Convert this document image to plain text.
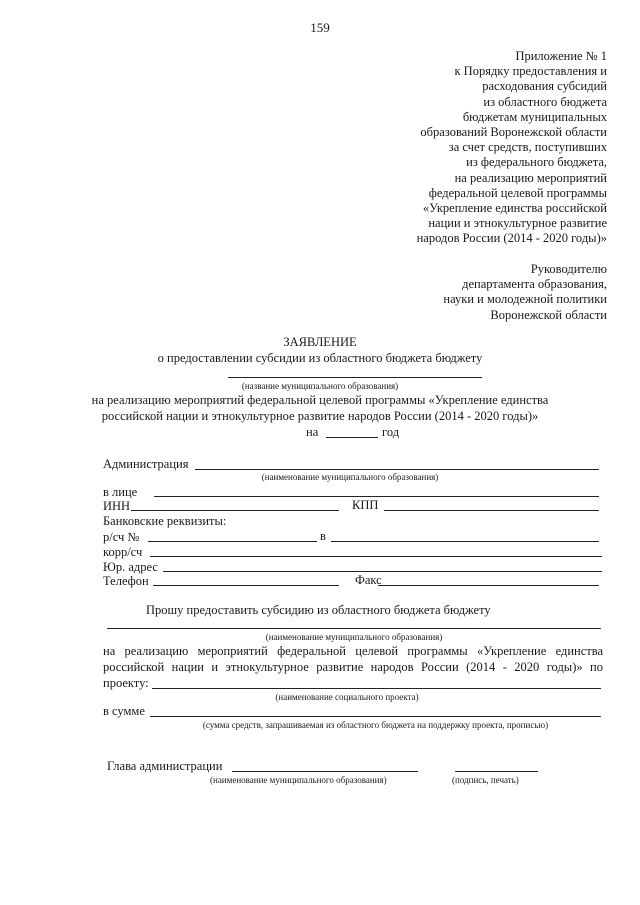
159
Приложение № 1
к Порядку предоставления и
расходования субсидий
из областного бюджета
бюджетам муниципальных
образований Воронежской области
за счет средств, поступивших
из федерального бюджета,
на реализацию мероприятий
федеральной целевой программы
«Укрепление единства российской
нации и этнокультурное развитие
народов России (2014 - 2020 годы)»
Руководителю
департамента образования,
науки и молодежной политики
Воронежской области
ЗАЯВЛЕНИЕ
о предоставлении субсидии из областного бюджета бюджету
(название муниципального образования)
на реализацию мероприятий федеральной целевой программы «Укрепление единства
российской нации и этнокультурное развитие народов России (2014 - 2020 годы)»
на	год
Администрация
(наименование муниципального образования)
в лице
ИНН	КПП
Банковские реквизиты:
р/сч №	в
корр/сч
Юр. адрес
Телефон	Факс
Прошу предоставить субсидию из областного бюджета бюджету
(наименование муниципального образования)
на реализацию мероприятий федеральной целевой программы «Укрепление единства
российской нации и этнокультурное развитие народов России (2014 - 2020 годы)» по
проекту:
(наименование социального проекта)
в сумме
(сумма средств, запрашиваемая из областного бюджета на поддержку проекта, прописью)
Глава администрации
(наименование муниципального образования)	(подпись, печать)
